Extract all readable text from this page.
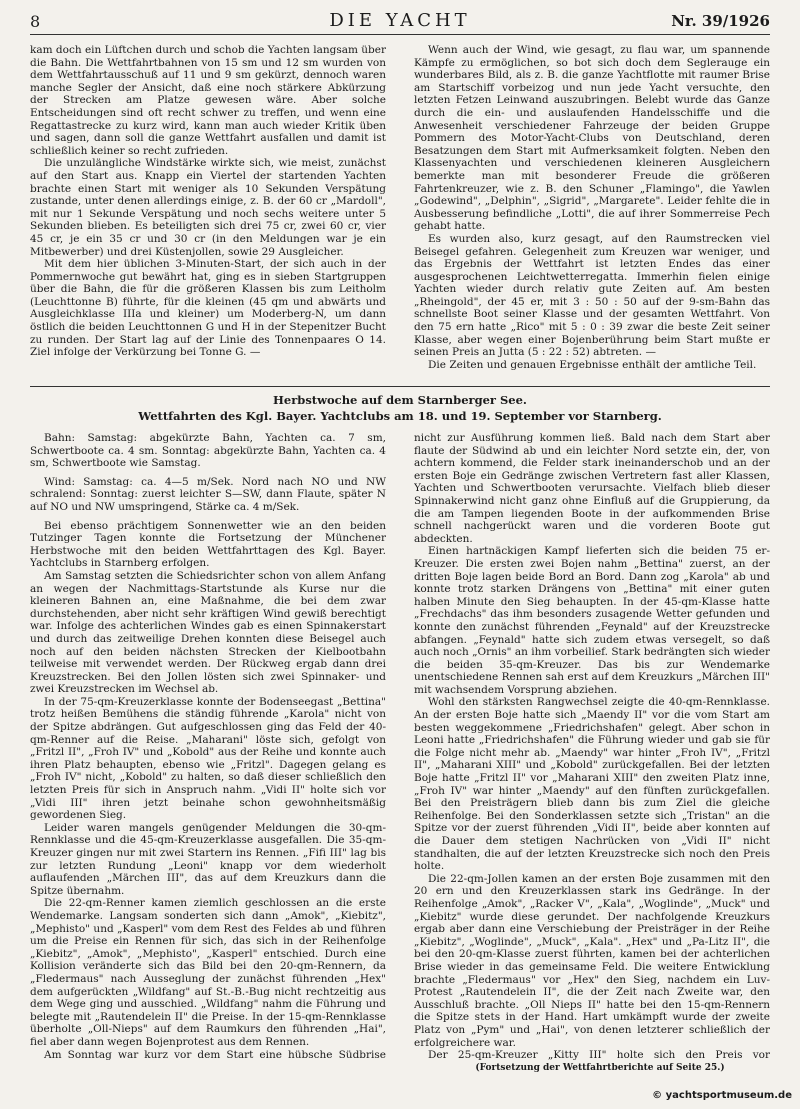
8	DIE YACHT	Nr. 39/1926

kam doch ein Lüftchen durch und schob die Yachten langsam über die Bahn. Die Wettfahrtbahnen von 15 sm und 12 sm wurden von dem Wettfahrtausschuß auf 11 und 9 sm gekürzt, dennoch waren manche Segler der Ansicht, daß eine noch stärkere Abkürzung der Strecken am Platze gewesen wäre. Aber solche Entscheidungen sind oft recht schwer zu treffen, und wenn eine Regattastrecke zu kurz wird, kann man auch wieder Kritik üben und sagen, dann soll die ganze Wettfahrt ausfallen und damit ist schließlich keiner so recht zufrieden.

Die unzulängliche Windstärke wirkte sich, wie meist, zunächst auf den Start aus. Knapp ein Viertel der startenden Yachten brachte einen Start mit weniger als 10 Sekunden Verspätung zustande, unter denen allerdings einige, z. B. der 60 cr „Mardoll", mit nur 1 Sekunde Verspätung und noch sechs weitere unter 5 Sekunden blieben. Es beteiligten sich drei 75 cr, zwei 60 cr, vier 45 cr, je ein 35 cr und 30 cr (in den Meldungen war je ein Mitbewerber) und drei Küstenjollen, sowie 29 Ausgleicher.

Mit dem hier üblichen 3-Minuten-Start, der sich auch in der Pommernwoche gut bewährt hat, ging es in sieben Startgruppen über die Bahn, die für die größeren Klassen bis zum Leitholm (Leuchttonne B) führte, für die kleinen (45 qm und abwärts und Ausgleichklasse IIIa und kleiner) um Moderberg-N, um dann östlich die beiden Leuchttonnen G und H in der Stepenitzer Bucht zu runden. Der Start lag auf der Linie des Tonnenpaares O 14. Ziel infolge der Verkürzung bei Tonne G. —

Wenn auch der Wind, wie gesagt, zu flau war, um spannende Kämpfe zu ermöglichen, so bot sich doch dem Seglerauge ein wunderbares Bild, als z. B. die ganze Yachtflotte mit raumer Brise am Startschiff vorbeizog und nun jede Yacht versuchte, den letzten Fetzen Leinwand auszubringen. Belebt wurde das Ganze durch die ein- und auslaufenden Handelsschiffe und die Anwesenheit verschiedener Fahrzeuge der beiden Gruppe Pommern des Motor-Yacht-Clubs von Deutschland, deren Besatzungen dem Start mit Aufmerksamkeit folgten. Neben den Klassenyachten und verschiedenen kleineren Ausgleichern bemerkte man mit besonderer Freude die größeren Fahrtenkreuzer, wie z. B. den Schuner „Flamingo", die Yawlen „Godewind", „Delphin", „Sigrid", „Margarete". Leider fehlte die in Ausbesserung befindliche „Lotti", die auf ihrer Sommerreise Pech gehabt hatte.

Es wurden also, kurz gesagt, auf den Raumstrecken viel Beisegel gefahren. Gelegenheit zum Kreuzen war weniger, und das Ergebnis der Wettfahrt ist letzten Endes das einer ausgesprochenen Leichtwetterregatta. Immerhin fielen einige Yachten wieder durch relativ gute Zeiten auf. Am besten „Rheingold", der 45 er, mit 3 : 50 : 50 auf der 9-sm-Bahn das schnellste Boot seiner Klasse und der gesamten Wettfahrt. Von den 75 ern hatte „Rico" mit 5 : 0 : 39 zwar die beste Zeit seiner Klasse, aber wegen einer Bojenberührung beim Start mußte er seinen Preis an Jutta (5 : 22 : 52) abtreten. —

Die Zeiten und genauen Ergebnisse enthält der amtliche Teil.

Herbstwoche auf dem Starnberger See.
Wettfahrten des Kgl. Bayer. Yachtclubs am 18. und 19. September vor Starnberg.

Bahn: Samstag: abgekürzte Bahn, Yachten ca. 7 sm, Schwertboote ca. 4 sm. Sonntag: abgekürzte Bahn, Yachten ca. 4 sm, Schwertboote wie Samstag.

Wind: Samstag: ca. 4—5 m/Sek. Nord nach NO und NW schralend: Sonntag: zuerst leichter S—SW, dann Flaute, später N auf NO und NW umspringend, Stärke ca. 4 m/Sek.

Bei ebenso prächtigem Sonnenwetter wie an den beiden Tutzinger Tagen konnte die Fortsetzung der Münchener Herbstwoche mit den beiden Wettfahrttagen des Kgl. Bayer. Yachtclubs in Starnberg erfolgen.

Am Samstag setzten die Schiedsrichter schon von allem Anfang an wegen der Nachmittags-Startstunde als Kurse nur die kleineren Bahnen an, eine Maßnahme, die bei dem zwar durchstehenden, aber nicht sehr kräftigen Wind gewiß berechtigt war. Infolge des achterlichen Windes gab es einen Spinnakerstart und durch das zeitweilige Drehen konnten diese Beisegel auch noch auf den beiden nächsten Strecken der Kielbootbahn teilweise mit verwendet werden. Der Rückweg ergab dann drei Kreuzstrecken. Bei den Jollen lösten sich zwei Spinnaker- und zwei Kreuzstrecken im Wechsel ab.

In der 75-qm-Kreuzerklasse konnte der Bodenseegast „Bettina" trotz heißen Bemühens die ständig führende „Karola" nicht von der Spitze abdrängen. Gut aufgeschlossen ging das Feld der 40-qm-Renner auf die Reise. „Maharani" löste sich, gefolgt von „Fritzl II", „Froh IV" und „Kobold" aus der Reihe und konnte auch ihren Platz behaupten, ebenso wie „Fritzl". Dagegen gelang es „Froh IV" nicht, „Kobold" zu halten, so daß dieser schließlich den letzten Preis für sich in Anspruch nahm. „Vidi II" holte sich vor „Vidi III" ihren jetzt beinahe schon gewohnheitsmäßig gewordenen Sieg.

Leider waren mangels genügender Meldungen die 30-qm-Rennklasse und die 45-qm-Kreuzerklasse ausgefallen. Die 35-qm-Kreuzer gingen nur mit zwei Startern ins Rennen. „Fifi III" lag bis zur letzten Rundung „Leoni" knapp vor dem wiederholt auflaufenden „Märchen III", das auf dem Kreuzkurs dann die Spitze übernahm.

Die 22-qm-Renner kamen ziemlich geschlossen an die erste Wendemarke. Langsam sonderten sich dann „Amok", „Kiebitz", „Mephisto" und „Kasperl" vom dem Rest des Feldes ab und führen um die Preise ein Rennen für sich, das sich in der Reihenfolge „Kiebitz", „Amok", „Mephisto", „Kasperl" entschied. Durch eine Kollision veränderte sich das Bild bei den 20-qm-Rennern, da „Fledermaus" nach Ausseglung der zunächst führenden „Hex" dem aufgerückten „Wildfang" auf St.-B.-Bug nicht rechtzeitig aus dem Wege ging und ausschied. „Wildfang" nahm die Führung und belegte mit „Rautendelein II" die Preise. In der 15-qm-Rennklasse überholte „Oll-Nieps" auf dem Raumkurs den führenden „Hai", fiel aber dann wegen Bojenprotest aus dem Rennen.

Am Sonntag war kurz vor dem Start eine hübsche Südbrise

nicht zur Ausführung kommen ließ. Bald nach dem Start aber flaute der Südwind ab und ein leichter Nord setzte ein, der, von achtern kommend, die Felder stark ineinanderschob und an der ersten Boje ein Gedränge zwischen Vertretern fast aller Klassen, Yachten und Schwertbooten verursachte. Vielfach blieb dieser Spinnakerwind nicht ganz ohne Einfluß auf die Gruppierung, da die am Tampen liegenden Boote in der aufkommenden Brise schnell nachgerückt waren und die vorderen Boote gut abdeckten.

Einen hartnäckigen Kampf lieferten sich die beiden 75 er-Kreuzer. Die ersten zwei Bojen nahm „Bettina" zuerst, an der dritten Boje lagen beide Bord an Bord. Dann zog „Karola" ab und konnte trotz starken Drängens von „Bettina" mit einer guten halben Minute den Sieg behaupten. In der 45-qm-Klasse hatte „Frechdachs" das ihm besonders zusagende Wetter gefunden und konnte den zunächst führenden „Feynald" auf der Kreuzstrecke abfangen. „Feynald" hatte sich zudem etwas versegelt, so daß auch noch „Ornis" an ihm vorbeilief. Stark bedrängten sich wieder die beiden 35-qm-Kreuzer. Das bis zur Wendemarke unentschiedene Rennen sah erst auf dem Kreuzkurs „Märchen III" mit wachsendem Vorsprung abziehen.

Wohl den stärksten Rangwechsel zeigte die 40-qm-Rennklasse. An der ersten Boje hatte sich „Maendy II" vor die vom Start am besten weggekommene „Friedrichshafen" gelegt. Aber schon in Leoni hatte „Friedrichshafen" die Führung wieder und gab sie für die Folge nicht mehr ab. „Maendy" war hinter „Froh IV", „Fritzl II", „Maharani XIII" und „Kobold" zurückgefallen. Bei der letzten Boje hatte „Fritzl II" vor „Maharani XIII" den zweiten Platz inne, „Froh IV" war hinter „Maendy" auf den fünften zurückgefallen. Bei den Preisträgern blieb dann bis zum Ziel die gleiche Reihenfolge. Bei den Sonderklassen setzte sich „Tristan" an die Spitze vor der zuerst führenden „Vidi II", beide aber konnten auf die Dauer dem stetigen Nachrücken von „Vidi II" nicht standhalten, die auf der letzten Kreuzstrecke sich noch den Preis holte.

Die 22-qm-Jollen kamen an der ersten Boje zusammen mit den 20 ern und den Kreuzerklassen stark ins Gedränge. In der Reihenfolge „Amok", „Racker V", „Kala", „Woglinde", „Muck" und „Kiebitz" wurde diese gerundet. Der nachfolgende Kreuzkurs ergab aber dann eine Verschiebung der Preisträger in der Reihe „Kiebitz", „Woglinde", „Muck", „Kala". „Hex" und „Pa-Litz II", die bei den 20-qm-Klasse zuerst führten, kamen bei der achterlichen Brise wieder in das gemeinsame Feld. Die weitere Entwicklung brachte „Fledermaus" vor „Hex" den Sieg, nachdem ein Luv-Protest „Rautendelein II", die der Zeit nach Zweite war, den Ausschluß brachte. „Oll Nieps II" hatte bei den 15-qm-Rennern die Spitze stets in der Hand. Hart umkämpft wurde der zweite Platz von „Pym" und „Hai", von denen letzterer schließlich der erfolgreichere war.

Der 25-qm-Kreuzer „Kitty III" holte sich den Preis vor

(Fortsetzung der Wettfahrtberichte auf Seite 25.)
© yachtsportmuseum.de
